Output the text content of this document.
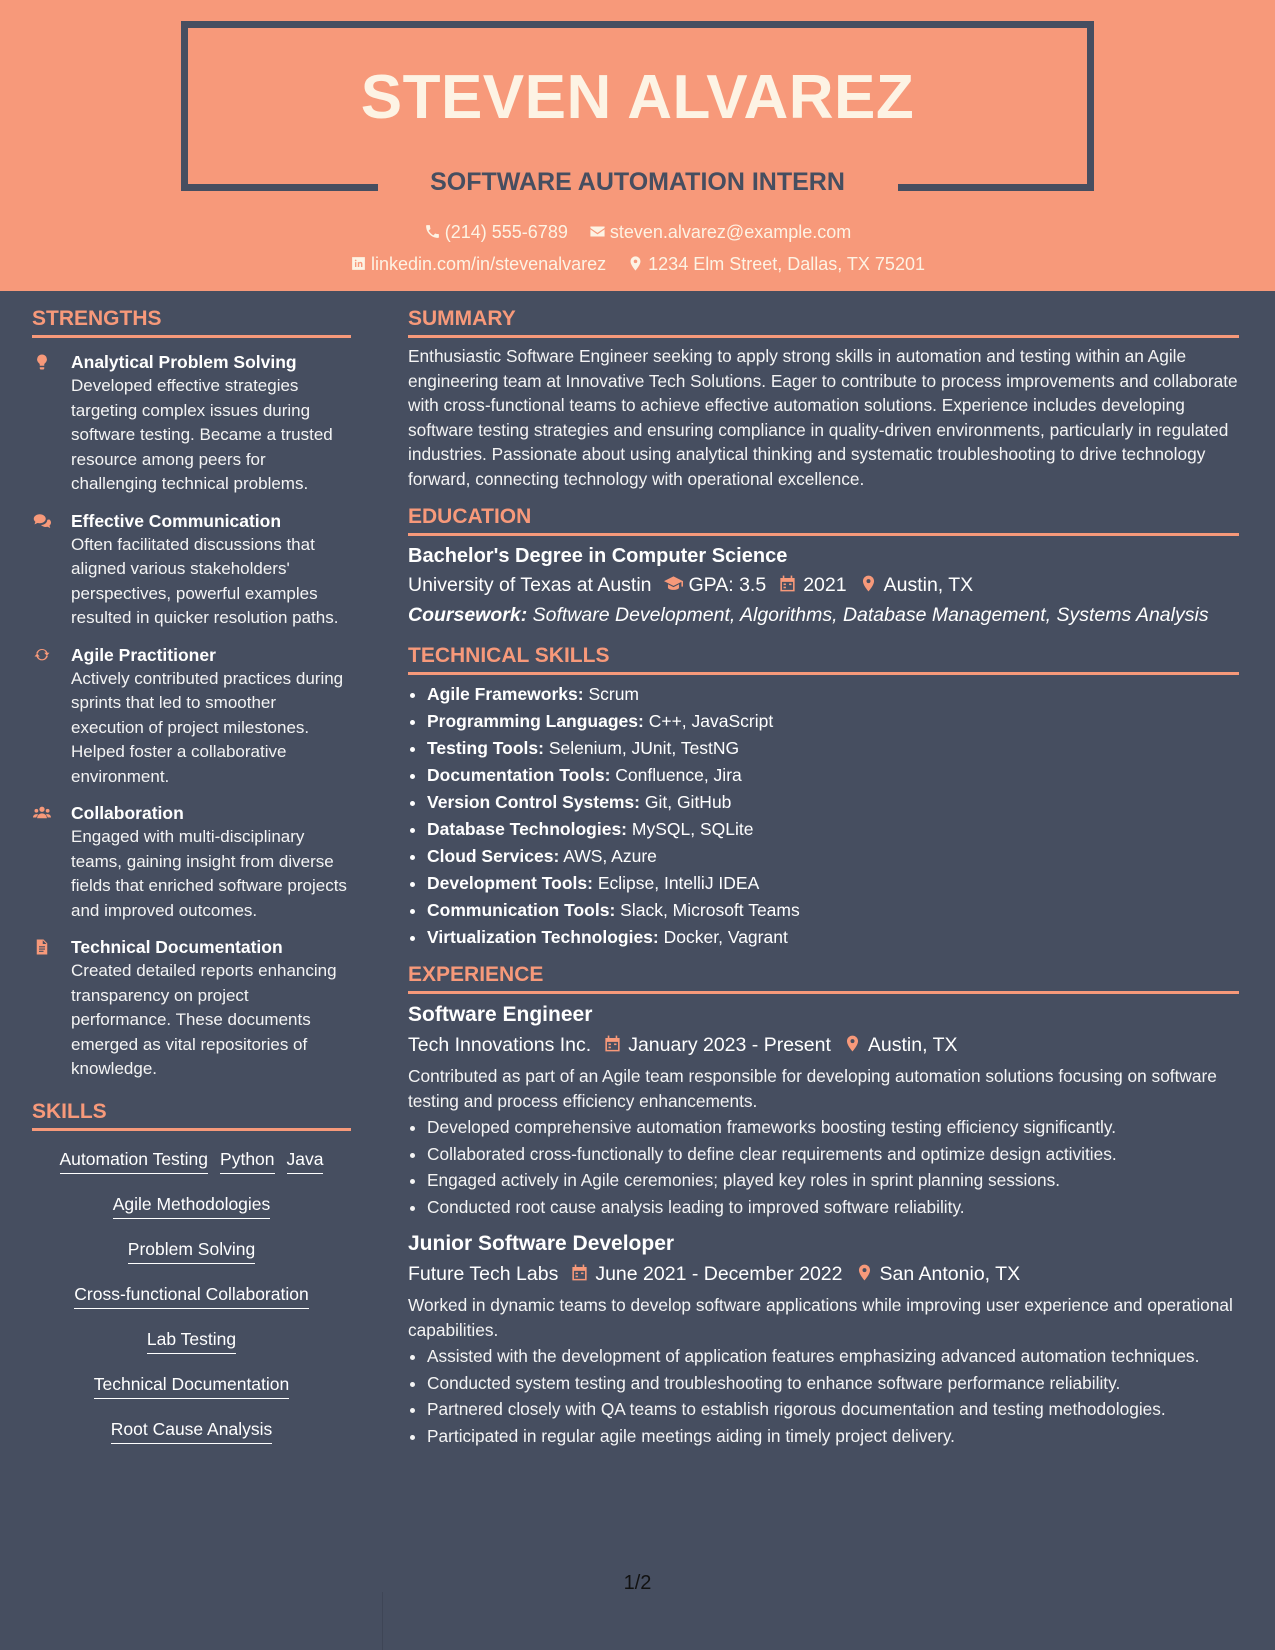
STEVEN ALVAREZ
SOFTWARE AUTOMATION INTERN
(214) 555-6789 steven.alvarez@example.com
linkedin.com/in/stevenalvarez 1234 Elm Street, Dallas, TX 75201
STRENGTHS
Analytical Problem Solving
Developed effective strategies targeting complex issues during software testing. Became a trusted resource among peers for challenging technical problems.
Effective Communication
Often facilitated discussions that aligned various stakeholders' perspectives, powerful examples resulted in quicker resolution paths.
Agile Practitioner
Actively contributed practices during sprints that led to smoother execution of project milestones. Helped foster a collaborative environment.
Collaboration
Engaged with multi-disciplinary teams, gaining insight from diverse fields that enriched software projects and improved outcomes.
Technical Documentation
Created detailed reports enhancing transparency on project performance. These documents emerged as vital repositories of knowledge.
SKILLS
Automation Testing Python Java
Agile Methodologies
Problem Solving
Cross-functional Collaboration
Lab Testing
Technical Documentation
Root Cause Analysis
SUMMARY
Enthusiastic Software Engineer seeking to apply strong skills in automation and testing within an Agile engineering team at Innovative Tech Solutions. Eager to contribute to process improvements and collaborate with cross-functional teams to achieve effective automation solutions. Experience includes developing software testing strategies and ensuring compliance in quality-driven environments, particularly in regulated industries. Passionate about using analytical thinking and systematic troubleshooting to drive technology forward, connecting technology with operational excellence.
EDUCATION
Bachelor's Degree in Computer Science
University of Texas at Austin GPA: 3.5 2021 Austin, TX
Coursework: Software Development, Algorithms, Database Management, Systems Analysis
TECHNICAL SKILLS
• Agile Frameworks: Scrum
• Programming Languages: C++, JavaScript
• Testing Tools: Selenium, JUnit, TestNG
• Documentation Tools: Confluence, Jira
• Version Control Systems: Git, GitHub
• Database Technologies: MySQL, SQLite
• Cloud Services: AWS, Azure
• Development Tools: Eclipse, IntelliJ IDEA
• Communication Tools: Slack, Microsoft Teams
• Virtualization Technologies: Docker, Vagrant
EXPERIENCE
Software Engineer
Tech Innovations Inc. January 2023 - Present Austin, TX
Contributed as part of an Agile team responsible for developing automation solutions focusing on software testing and process efficiency enhancements.
• Developed comprehensive automation frameworks boosting testing efficiency significantly.
• Collaborated cross-functionally to define clear requirements and optimize design activities.
• Engaged actively in Agile ceremonies; played key roles in sprint planning sessions.
• Conducted root cause analysis leading to improved software reliability.
Junior Software Developer
Future Tech Labs June 2021 - December 2022 San Antonio, TX
Worked in dynamic teams to develop software applications while improving user experience and operational capabilities.
• Assisted with the development of application features emphasizing advanced automation techniques.
• Conducted system testing and troubleshooting to enhance software performance reliability.
• Partnered closely with QA teams to establish rigorous documentation and testing methodologies.
• Participated in regular agile meetings aiding in timely project delivery.
1/2
